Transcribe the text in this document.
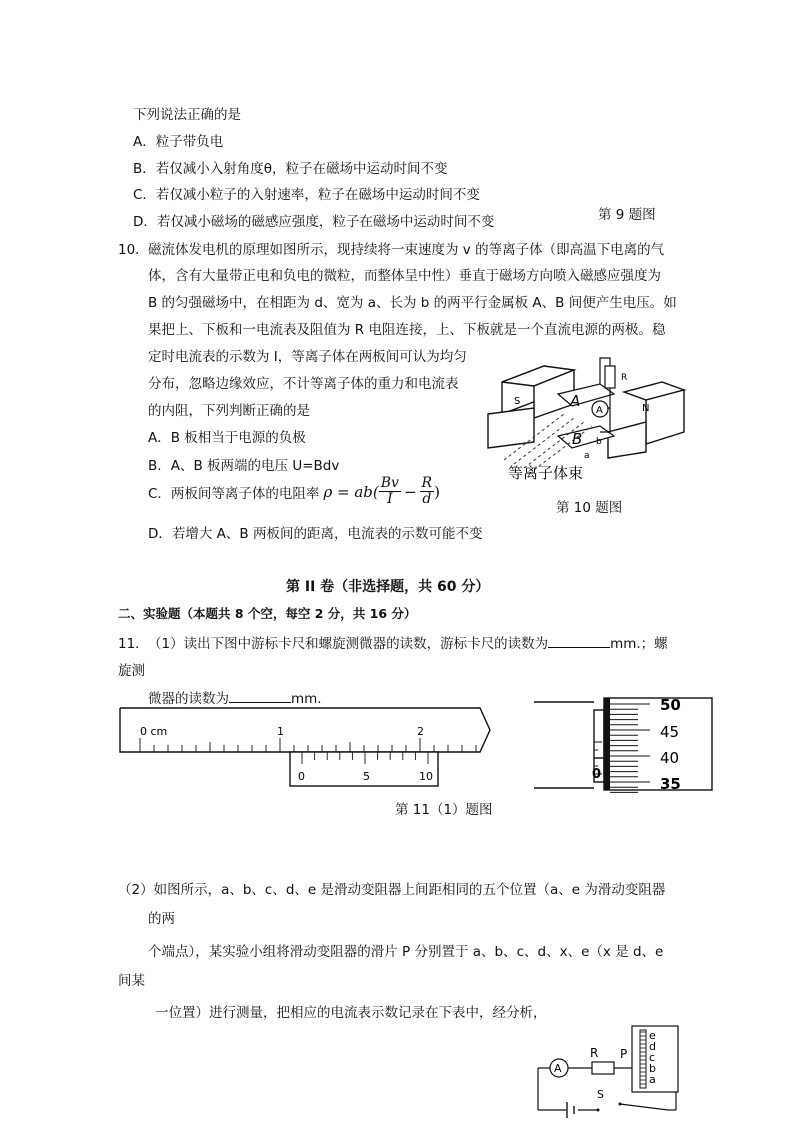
下列说法正确的是
A．粒子带负电
B．若仅减小入射角度θ，粒子在磁场中运动时间不变
C．若仅减小粒子的入射速率，粒子在磁场中运动时间不变
D．若仅减小磁场的磁感应强度，粒子在磁场中运动时间不变	第 9 题图
10． 磁流体发电机的原理如图所示，现持续将一束速度为 v 的等离子体（即高温下电离的气
体，含有大量带正电和负电的微粒，而整体呈中性）垂直于磁场方向喷入磁感应强度为
B 的匀强磁场中，在相距为 d、宽为 a、长为 b 的两平行金属板 A、B 间便产生电压。如
果把上、下板和一电流表及阻值为 R 电阻连接，上、下板就是一个直流电源的两极。稳
定时电流表的示数为 I，等离子体在两板间可认为均匀
分布，忽略边缘效应，不计等离子体的重力和电流表
的内阻，下列判断正确的是
A．B 板相当于电源的负极
B．A、B 板两端的电压 U=Bdv
C．两板间等离子体的电阻率 $\rho = ab( \frac{Bv}{I} - \frac{R}{d}$ )
D．若增大 A、B 两板间的距离，电流表的示数可能不变
S
N
A
B
a
b
R
A
等离子体束
第 10 题图
第 II 卷（非选择题，共 60 分）
二、实验题（本题共 8 个空，每空 2 分，共 16 分）
11． （1）读出下图中游标卡尺和螺旋测微器的读数，游标卡尺的读数为	mm.；螺
旋测
微器的读数为	mm.
0 cm	1	2
0	5	10	0
50
45
40
35
第 11（1）题图
（2）如图所示，a、b、c、d、e 是滑动变阻器上间距相同的五个位置（a、e 为滑动变阻器
的两
个端点），某实验小组将滑动变阻器的滑片 P 分别置于 a、b、c、d、x、e（x 是 d、e
间某
一位置）进行测量，把相应的电流表示数记录在下表中，经分析，
A
R P
S
e
d
c
b
a
